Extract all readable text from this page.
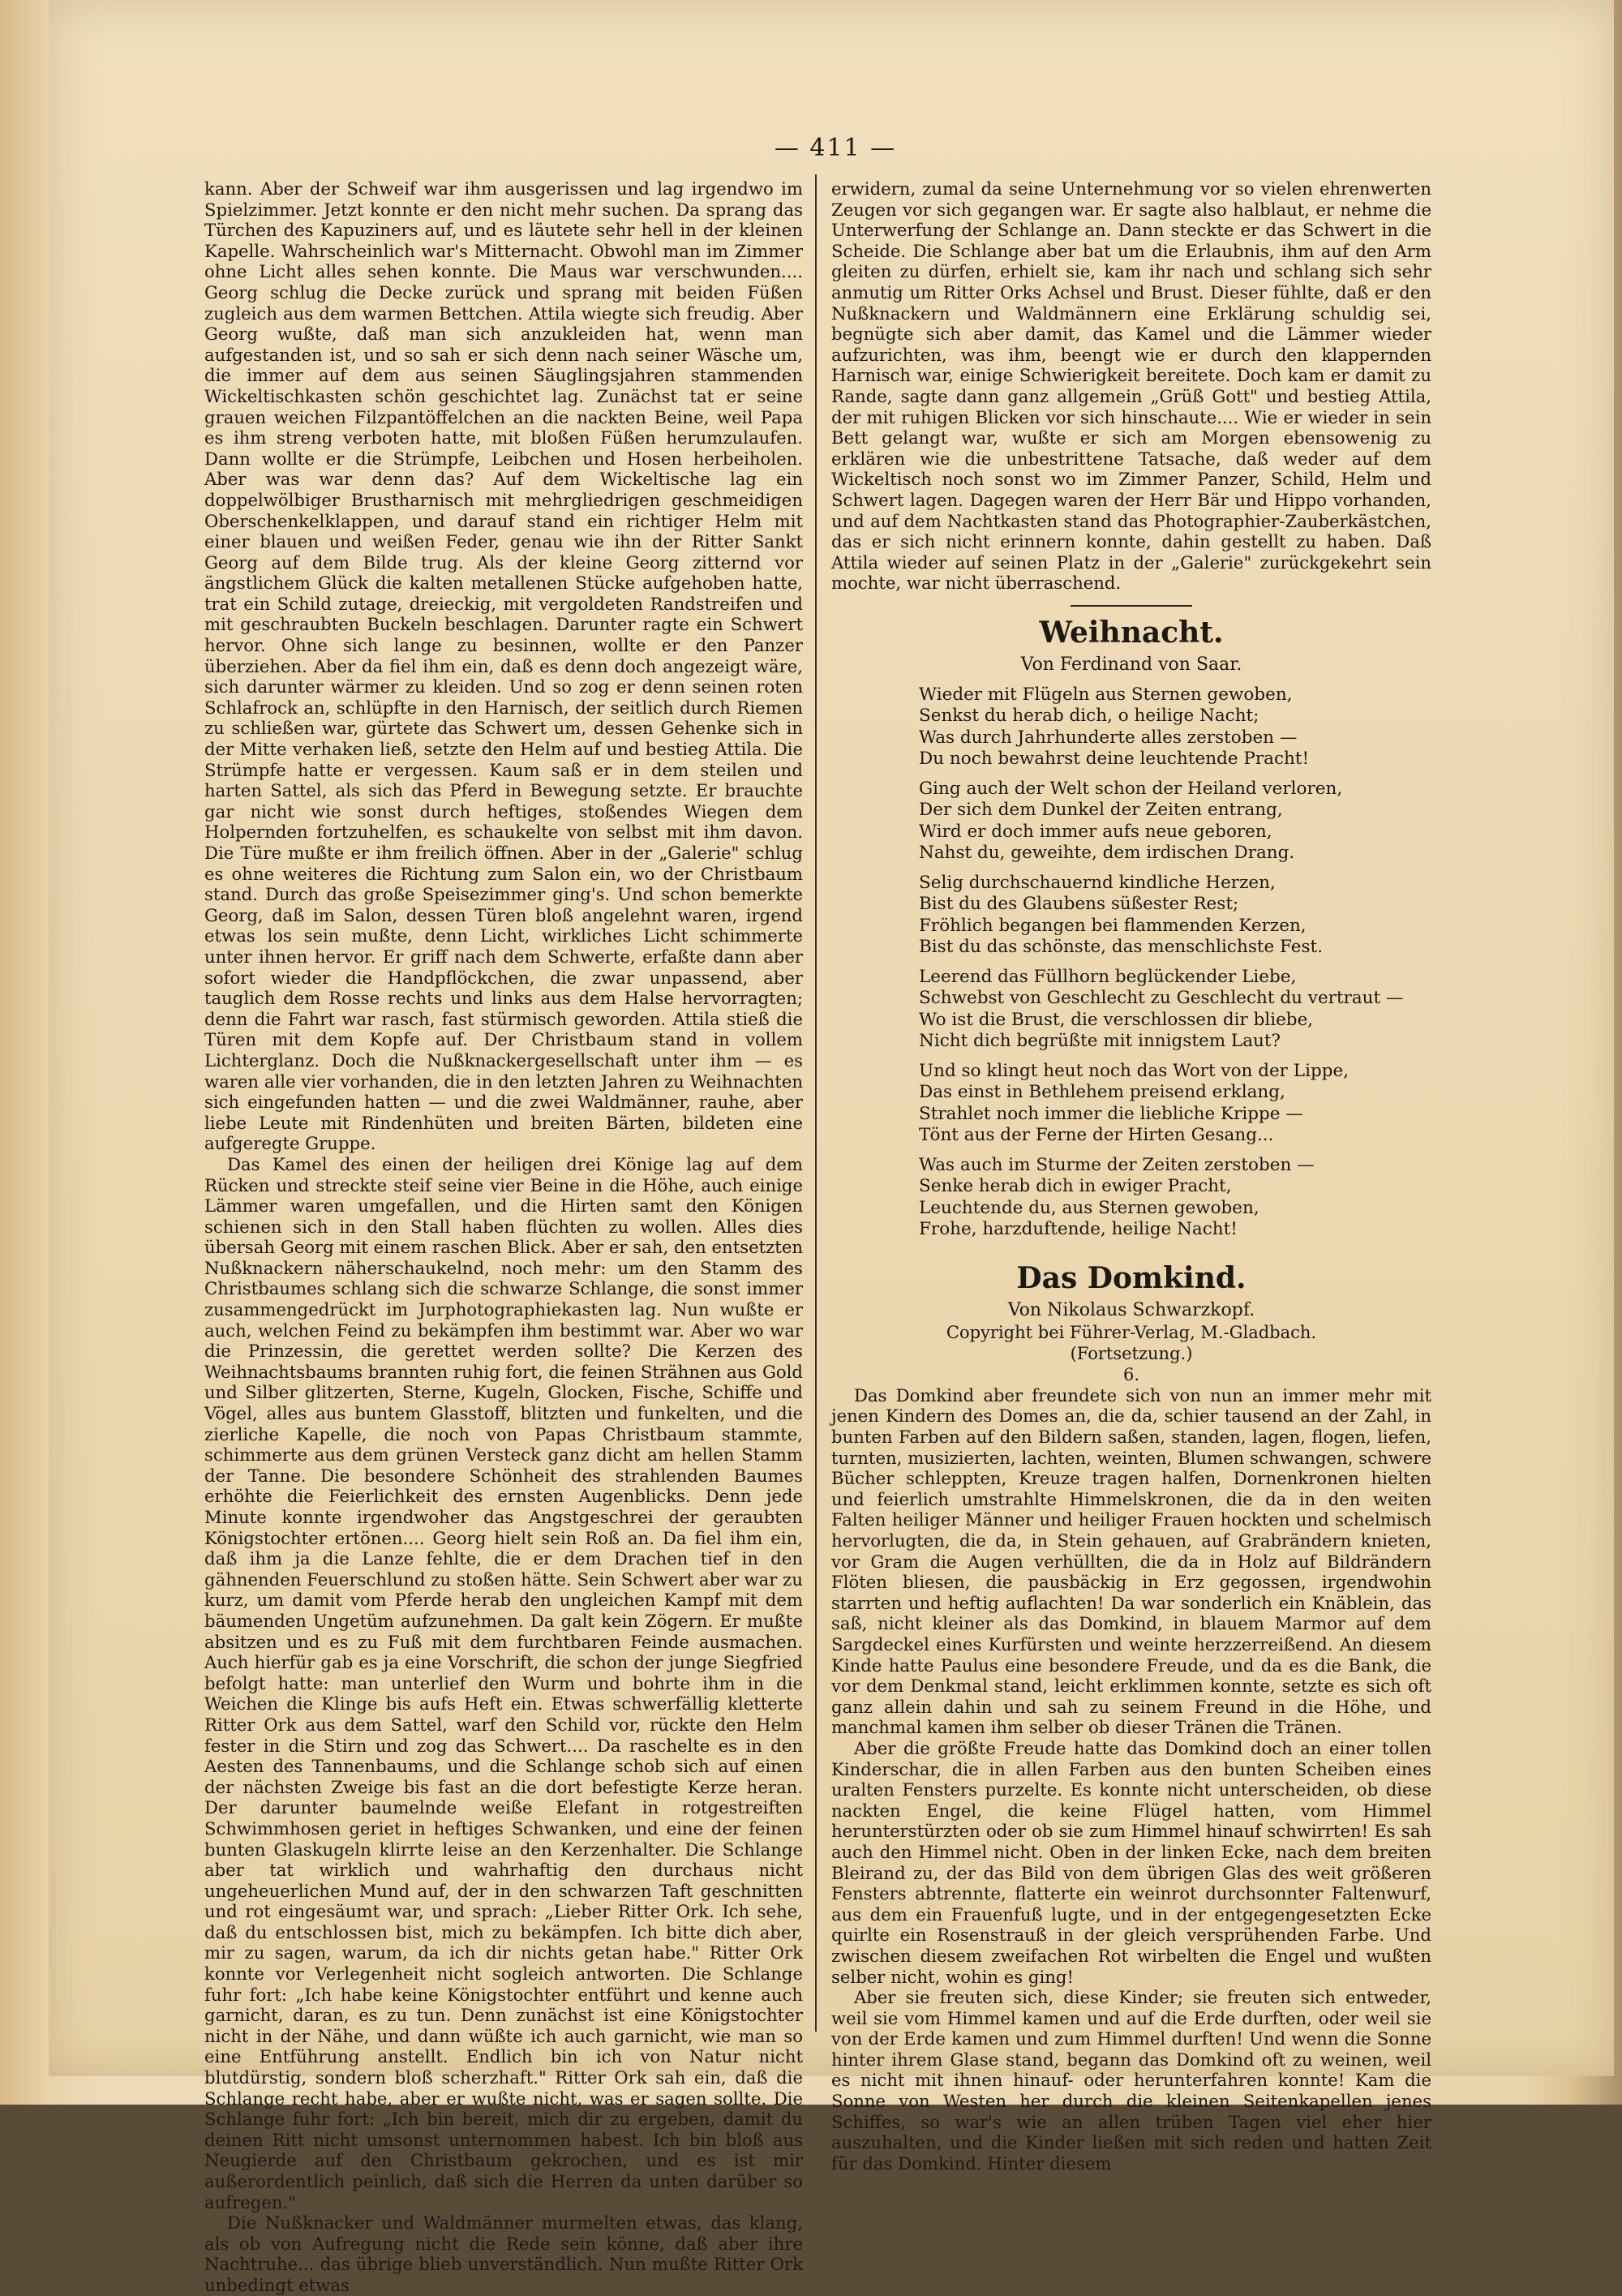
— 411 —

kann. Aber der Schweif war ihm ausgerissen und lag irgendwo im Spielzimmer. Jetzt konnte er den nicht mehr suchen. Da sprang das Türchen des Kapuziners auf, und es läutete sehr hell in der kleinen Kapelle. Wahrscheinlich war's Mitternacht. Obwohl man im Zimmer ohne Licht alles sehen konnte. Die Maus war verschwunden.... Georg schlug die Decke zurück und sprang mit beiden Füßen zugleich aus dem warmen Bettchen. Attila wiegte sich freudig. Aber Georg wußte, daß man sich anzukleiden hat, wenn man aufgestanden ist, und so sah er sich denn nach seiner Wäsche um, die immer auf dem aus seinen Säuglingsjahren stammenden Wickeltischkasten schön geschichtet lag. Zunächst tat er seine grauen weichen Filzpantöffelchen an die nackten Beine, weil Papa es ihm streng verboten hatte, mit bloßen Füßen herumzulaufen. Dann wollte er die Strümpfe, Leibchen und Hosen herbeiholen. Aber was war denn das? Auf dem Wickeltische lag ein doppelwölbiger Brustharnisch mit mehrgliedrigen geschmeidigen Oberschenkelklappen, und darauf stand ein richtiger Helm mit einer blauen und weißen Feder, genau wie ihn der Ritter Sankt Georg auf dem Bilde trug. Als der kleine Georg zitternd vor ängstlichem Glück die kalten metallenen Stücke aufgehoben hatte, trat ein Schild zutage, dreieckig, mit vergoldeten Randstreifen und mit geschraubten Buckeln beschlagen. Darunter ragte ein Schwert hervor. Ohne sich lange zu besinnen, wollte er den Panzer überziehen. Aber da fiel ihm ein, daß es denn doch angezeigt wäre, sich darunter wärmer zu kleiden. Und so zog er denn seinen roten Schlafrock an, schlüpfte in den Harnisch, der seitlich durch Riemen zu schließen war, gürtete das Schwert um, dessen Gehenke sich in der Mitte verhaken ließ, setzte den Helm auf und bestieg Attila. Die Strümpfe hatte er vergessen. Kaum saß er in dem steilen und harten Sattel, als sich das Pferd in Bewegung setzte. Er brauchte gar nicht wie sonst durch heftiges, stoßendes Wiegen dem Holpernden fortzuhelfen, es schaukelte von selbst mit ihm davon. Die Türe mußte er ihm freilich öffnen. Aber in der „Galerie" schlug es ohne weiteres die Richtung zum Salon ein, wo der Christbaum stand. Durch das große Speisezimmer ging's. Und schon bemerkte Georg, daß im Salon, dessen Türen bloß angelehnt waren, irgend etwas los sein mußte, denn Licht, wirkliches Licht schimmerte unter ihnen hervor. Er griff nach dem Schwerte, erfaßte dann aber sofort wieder die Handpflöckchen, die zwar unpassend, aber tauglich dem Rosse rechts und links aus dem Halse hervorragten; denn die Fahrt war rasch, fast stürmisch geworden. Attila stieß die Türen mit dem Kopfe auf. Der Christbaum stand in vollem Lichterglanz. Doch die Nußknackergesellschaft unter ihm — es waren alle vier vorhanden, die in den letzten Jahren zu Weihnachten sich eingefunden hatten — und die zwei Waldmänner, rauhe, aber liebe Leute mit Rindenhüten und breiten Bärten, bildeten eine aufgeregte Gruppe.

Das Kamel des einen der heiligen drei Könige lag auf dem Rücken und streckte steif seine vier Beine in die Höhe, auch einige Lämmer waren umgefallen, und die Hirten samt den Königen schienen sich in den Stall haben flüchten zu wollen. Alles dies übersah Georg mit einem raschen Blick. Aber er sah, den entsetzten Nußknackern näherschaukelnd, noch mehr: um den Stamm des Christbaumes schlang sich die schwarze Schlange, die sonst immer zusammengedrückt im Jurphotographiekasten lag. Nun wußte er auch, welchen Feind zu bekämpfen ihm bestimmt war. Aber wo war die Prinzessin, die gerettet werden sollte? Die Kerzen des Weihnachtsbaums brannten ruhig fort, die feinen Strähnen aus Gold und Silber glitzerten, Sterne, Kugeln, Glocken, Fische, Schiffe und Vögel, alles aus buntem Glasstoff, blitzten und funkelten, und die zierliche Kapelle, die noch von Papas Christbaum stammte, schimmerte aus dem grünen Versteck ganz dicht am hellen Stamm der Tanne. Die besondere Schönheit des strahlenden Baumes erhöhte die Feierlichkeit des ernsten Augenblicks. Denn jede Minute konnte irgendwoher das Angstgeschrei der geraubten Königstochter ertönen.... Georg hielt sein Roß an. Da fiel ihm ein, daß ihm ja die Lanze fehlte, die er dem Drachen tief in den gähnenden Feuerschlund zu stoßen hätte. Sein Schwert aber war zu kurz, um damit vom Pferde herab den ungleichen Kampf mit dem bäumenden Ungetüm aufzunehmen. Da galt kein Zögern. Er mußte absitzen und es zu Fuß mit dem furchtbaren Feinde ausmachen. Auch hierfür gab es ja eine Vorschrift, die schon der junge Siegfried befolgt hatte: man unterlief den Wurm und bohrte ihm in die Weichen die Klinge bis aufs Heft ein. Etwas schwerfällig kletterte Ritter Ork aus dem Sattel, warf den Schild vor, rückte den Helm fester in die Stirn und zog das Schwert.... Da raschelte es in den Aesten des Tannenbaums, und die Schlange schob sich auf einen der nächsten Zweige bis fast an die dort befestigte Kerze heran. Der darunter baumelnde weiße Elefant in rotgestreiften Schwimmhosen geriet in heftiges Schwanken, und eine der feinen bunten Glaskugeln klirrte leise an den Kerzenhalter. Die Schlange aber tat wirklich und wahrhaftig den durchaus nicht ungeheuerlichen Mund auf, der in den schwarzen Taft geschnitten und rot eingesäumt war, und sprach: „Lieber Ritter Ork. Ich sehe, daß du entschlossen bist, mich zu bekämpfen. Ich bitte dich aber, mir zu sagen, warum, da ich dir nichts getan habe." Ritter Ork konnte vor Verlegenheit nicht sogleich antworten. Die Schlange fuhr fort: „Ich habe keine Königstochter entführt und kenne auch garnicht, daran, es zu tun. Denn zunächst ist eine Königstochter nicht in der Nähe, und dann wüßte ich auch garnicht, wie man so eine Entführung anstellt. Endlich bin ich von Natur nicht blutdürstig, sondern bloß scherzhaft." Ritter Ork sah ein, daß die Schlange recht habe, aber er wußte nicht, was er sagen sollte. Die Schlange fuhr fort: „Ich bin bereit, mich dir zu ergeben, damit du deinen Ritt nicht umsonst unternommen habest. Ich bin bloß aus Neugierde auf den Christbaum gekrochen, und es ist mir außerordentlich peinlich, daß sich die Herren da unten darüber so aufregen."

Die Nußknacker und Waldmänner murmelten etwas, das klang, als ob von Aufregung nicht die Rede sein könne, daß aber ihre Nachtruhe... das übrige blieb unverständlich. Nun mußte Ritter Ork unbedingt etwas

erwidern, zumal da seine Unternehmung vor so vielen ehrenwerten Zeugen vor sich gegangen war. Er sagte also halblaut, er nehme die Unterwerfung der Schlange an. Dann steckte er das Schwert in die Scheide. Die Schlange aber bat um die Erlaubnis, ihm auf den Arm gleiten zu dürfen, erhielt sie, kam ihr nach und schlang sich sehr anmutig um Ritter Orks Achsel und Brust. Dieser fühlte, daß er den Nußknackern und Waldmännern eine Erklärung schuldig sei, begnügte sich aber damit, das Kamel und die Lämmer wieder aufzurichten, was ihm, beengt wie er durch den klappernden Harnisch war, einige Schwierigkeit bereitete. Doch kam er damit zu Rande, sagte dann ganz allgemein „Grüß Gott" und bestieg Attila, der mit ruhigen Blicken vor sich hinschaute.... Wie er wieder in sein Bett gelangt war, wußte er sich am Morgen ebensowenig zu erklären wie die unbestrittene Tatsache, daß weder auf dem Wickeltisch noch sonst wo im Zimmer Panzer, Schild, Helm und Schwert lagen. Dagegen waren der Herr Bär und Hippo vorhanden, und auf dem Nachtkasten stand das Photographier-Zauberkästchen, das er sich nicht erinnern konnte, dahin gestellt zu haben. Daß Attila wieder auf seinen Platz in der „Galerie" zurückgekehrt sein mochte, war nicht überraschend.

Weihnacht.
Von Ferdinand von Saar.
Wieder mit Flügeln aus Sternen gewoben,
Senkst du herab dich, o heilige Nacht;
Was durch Jahrhunderte alles zerstoben —
Du noch bewahrst deine leuchtende Pracht!
Ging auch der Welt schon der Heiland verloren,
Der sich dem Dunkel der Zeiten entrang,
Wird er doch immer aufs neue geboren,
Nahst du, geweihte, dem irdischen Drang.
Selig durchschauernd kindliche Herzen,
Bist du des Glaubens süßester Rest;
Fröhlich begangen bei flammenden Kerzen,
Bist du das schönste, das menschlichste Fest.
Leerend das Füllhorn beglückender Liebe,
Schwebst von Geschlecht zu Geschlecht du vertraut —
Wo ist die Brust, die verschlossen dir bliebe,
Nicht dich begrüßte mit innigstem Laut?
Und so klingt heut noch das Wort von der Lippe,
Das einst in Bethlehem preisend erklang,
Strahlet noch immer die liebliche Krippe —
Tönt aus der Ferne der Hirten Gesang...
Was auch im Sturme der Zeiten zerstoben —
Senke herab dich in ewiger Pracht,
Leuchtende du, aus Sternen gewoben,
Frohe, harzduftende, heilige Nacht!
Das Domkind.
Von Nikolaus Schwarzkopf.
Copyright bei Führer-Verlag, M.-Gladbach.
(Fortsetzung.)
6.

Das Domkind aber freundete sich von nun an immer mehr mit jenen Kindern des Domes an, die da, schier tausend an der Zahl, in bunten Farben auf den Bildern saßen, standen, lagen, flogen, liefen, turnten, musizierten, lachten, weinten, Blumen schwangen, schwere Bücher schleppten, Kreuze tragen halfen, Dornenkronen hielten und feierlich umstrahlte Himmelskronen, die da in den weiten Falten heiliger Männer und heiliger Frauen hockten und schelmisch hervorlugten, die da, in Stein gehauen, auf Grabrändern knieten, vor Gram die Augen verhüllten, die da in Holz auf Bildrändern Flöten bliesen, die pausbäckig in Erz gegossen, irgendwohin starrten und heftig auflachten! Da war sonderlich ein Knäblein, das saß, nicht kleiner als das Domkind, in blauem Marmor auf dem Sargdeckel eines Kurfürsten und weinte herzzerreißend. An diesem Kinde hatte Paulus eine besondere Freude, und da es die Bank, die vor dem Denkmal stand, leicht erklimmen konnte, setzte es sich oft ganz allein dahin und sah zu seinem Freund in die Höhe, und manchmal kamen ihm selber ob dieser Tränen die Tränen.

Aber die größte Freude hatte das Domkind doch an einer tollen Kinderschar, die in allen Farben aus den bunten Scheiben eines uralten Fensters purzelte. Es konnte nicht unterscheiden, ob diese nackten Engel, die keine Flügel hatten, vom Himmel herunterstürzten oder ob sie zum Himmel hinauf schwirrten! Es sah auch den Himmel nicht. Oben in der linken Ecke, nach dem breiten Bleirand zu, der das Bild von dem übrigen Glas des weit größeren Fensters abtrennte, flatterte ein weinrot durchsonnter Faltenwurf, aus dem ein Frauenfuß lugte, und in der entgegengesetzten Ecke quirlte ein Rosenstrauß in der gleich versprühenden Farbe. Und zwischen diesem zweifachen Rot wirbelten die Engel und wußten selber nicht, wohin es ging!

Aber sie freuten sich, diese Kinder; sie freuten sich entweder, weil sie vom Himmel kamen und auf die Erde durften, oder weil sie von der Erde kamen und zum Himmel durften! Und wenn die Sonne hinter ihrem Glase stand, begann das Domkind oft zu weinen, weil es nicht mit ihnen hinauf- oder herunterfahren konnte! Kam die Sonne von Westen her durch die kleinen Seitenkapellen jenes Schiffes, so war's wie an allen trüben Tagen viel eher hier auszuhalten, und die Kinder ließen mit sich reden und hatten Zeit für das Domkind. Hinter diesem
